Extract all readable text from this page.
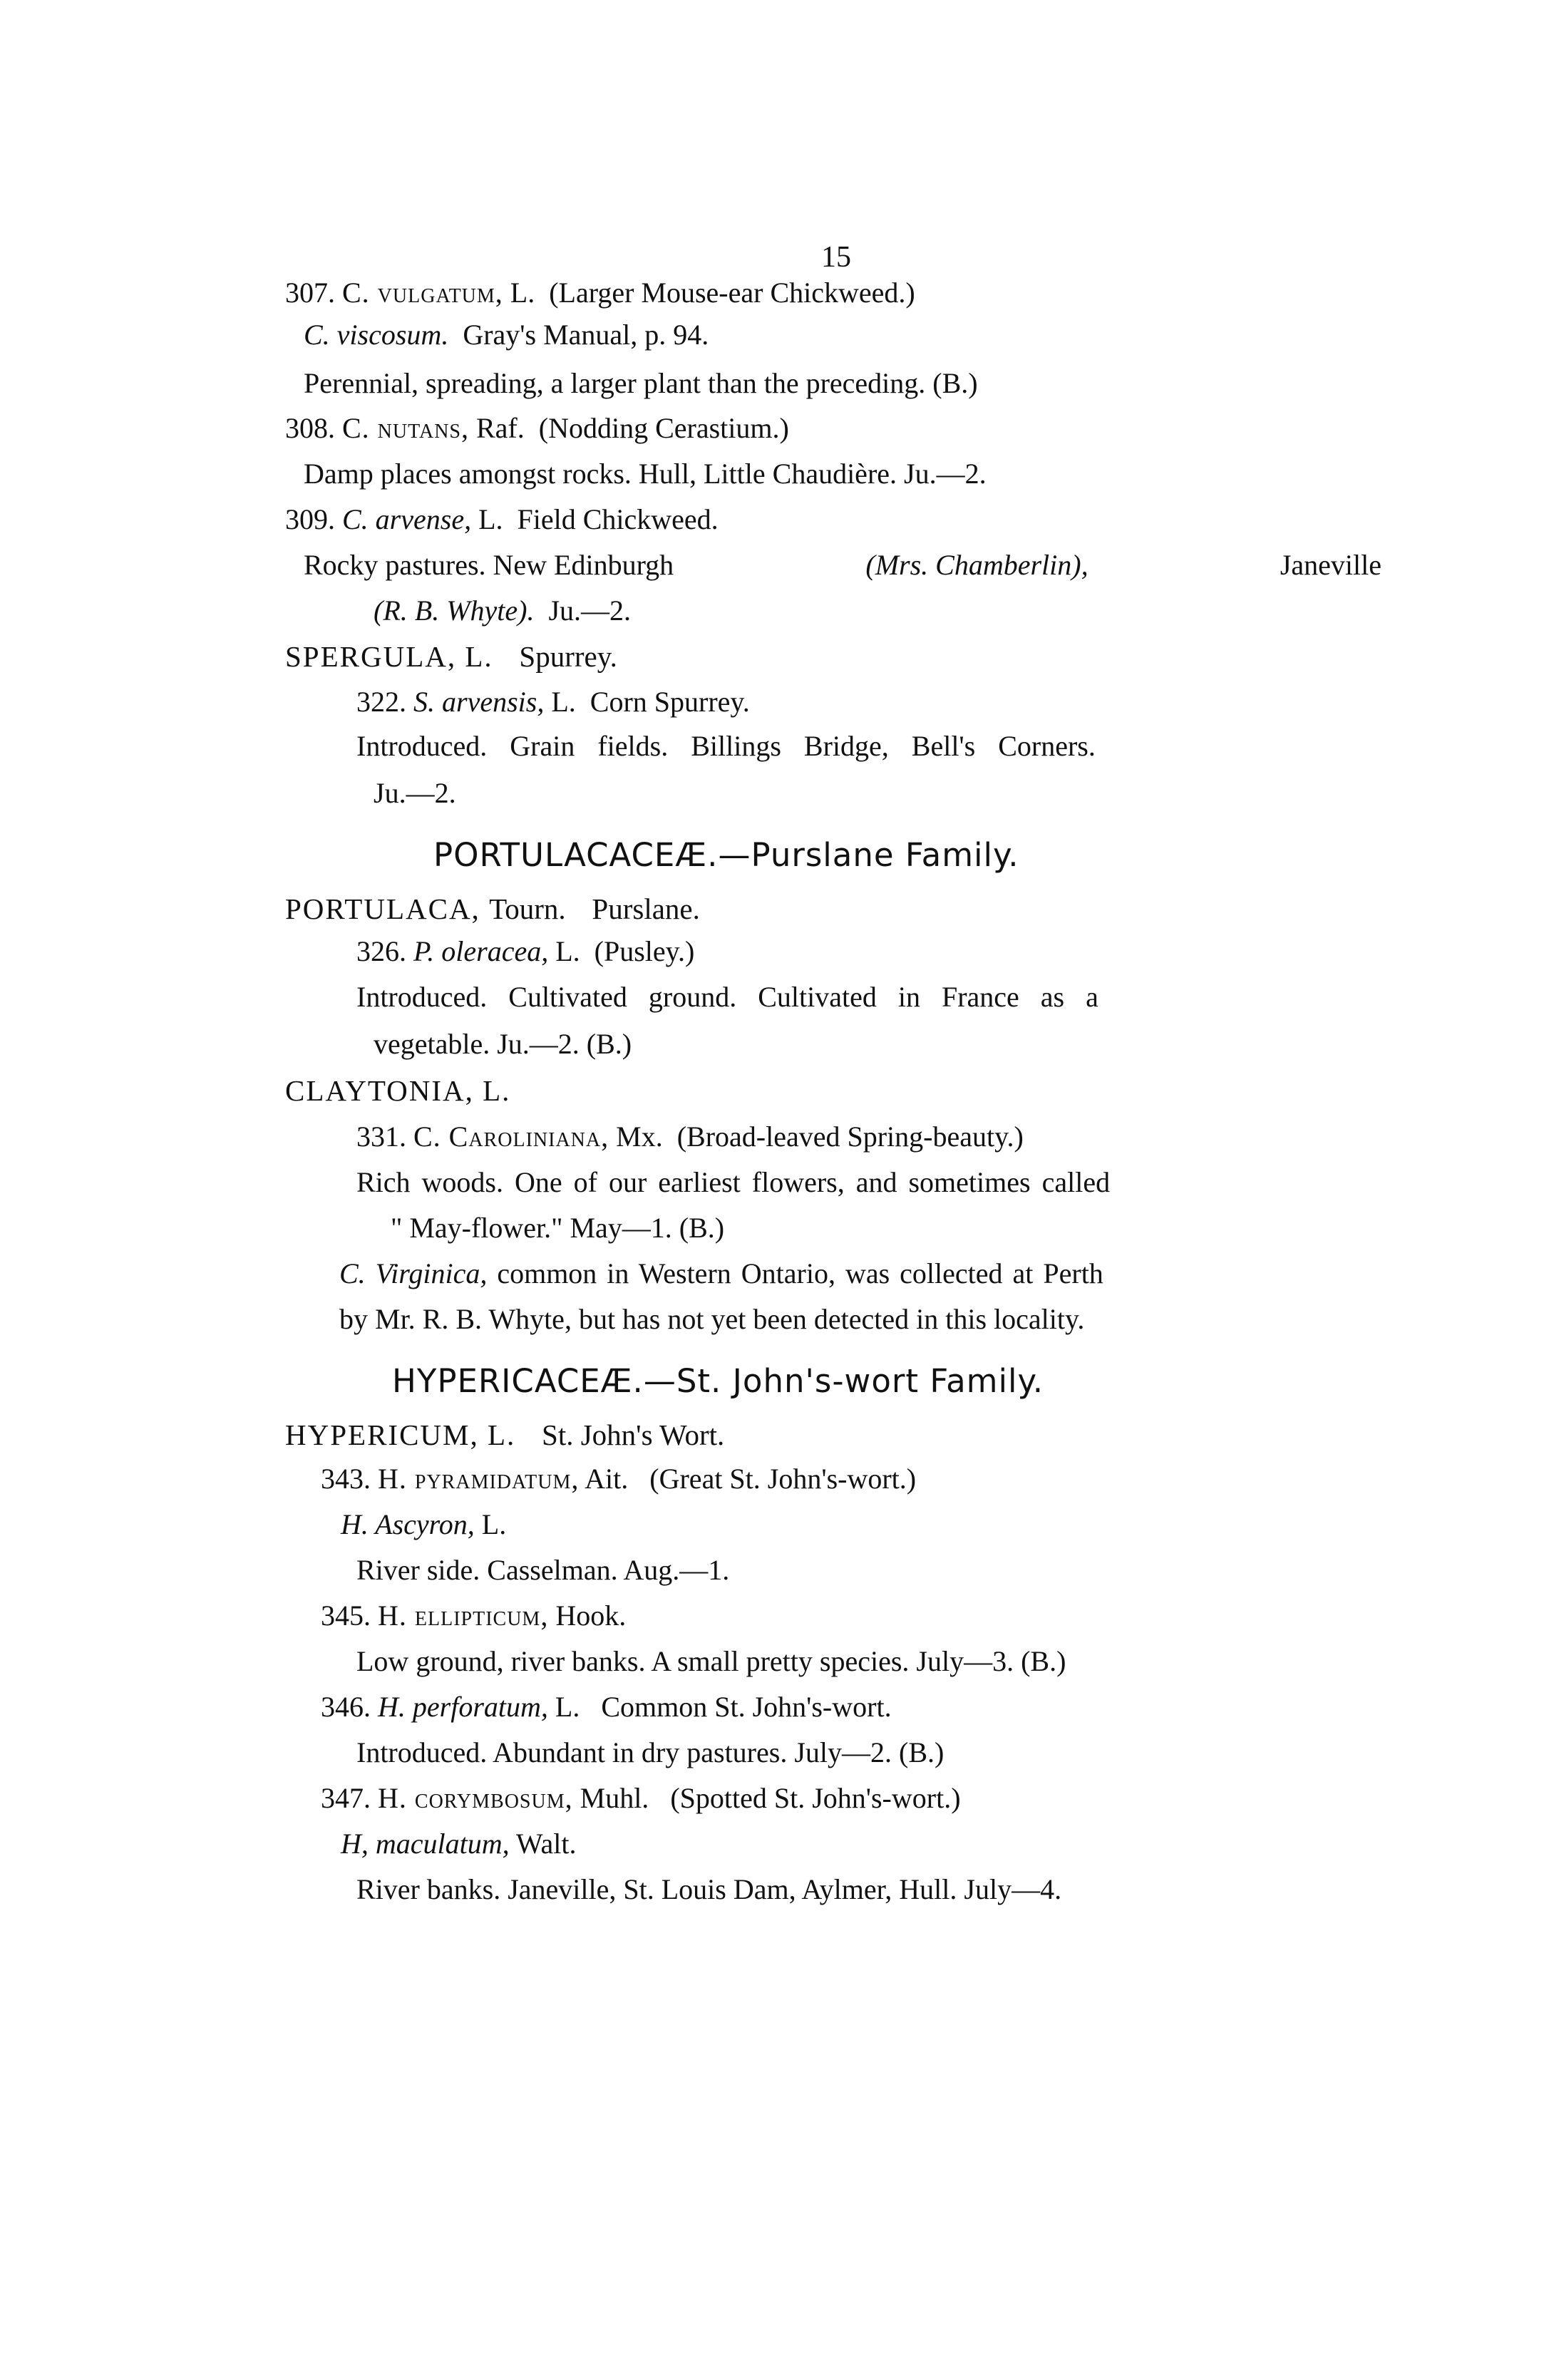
15
307. C. vulgatum, L. (Larger Mouse-ear Chickweed.)
C. viscosum. Gray's Manual, p. 94.
Perennial, spreading, a larger plant than the preceding. (B.)
308. C. nutans, Raf. (Nodding Cerastium.)
Damp places amongst rocks. Hull, Little Chaudière. Ju.—2.
309. C. arvense, L. Field Chickweed.
Rocky pastures. New Edinburgh	(Mrs. Chamberlin),	Janeville
(R. B. Whyte). Ju.—2.
SPERGULA, L. Spurrey.
322. S. arvensis, L. Corn Spurrey.
Introduced. Grain fields. Billings Bridge, Bell's Corners.
Ju.—2.
PORTULACACEÆ.—Purslane Family.
PORTULACA, Tourn. Purslane.
326. P. oleracea, L. (Pusley.)
Introduced. Cultivated ground. Cultivated in France as a
vegetable. Ju.—2. (B.)
CLAYTONIA, L.
331. C. Caroliniana, Mx. (Broad-leaved Spring-beauty.)
Rich woods. One of our earliest flowers, and sometimes called
" May-flower." May—1. (B.)
C. Virginica, common in Western Ontario, was collected at Perth
by Mr. R. B. Whyte, but has not yet been detected in this locality.
HYPERICACEÆ.—St. John's-wort Family.
HYPERICUM, L. St. John's Wort.
343. H. pyramidatum, Ait. (Great St. John's-wort.)
H. Ascyron, L.
River side. Casselman. Aug.—1.
345. H. ellipticum, Hook.
Low ground, river banks. A small pretty species. July—3. (B.)
346. H. perforatum, L. Common St. John's-wort.
Introduced. Abundant in dry pastures. July—2. (B.)
347. H. corymbosum, Muhl. (Spotted St. John's-wort.)
H, maculatum, Walt.
River banks. Janeville, St. Louis Dam, Aylmer, Hull. July—4.
